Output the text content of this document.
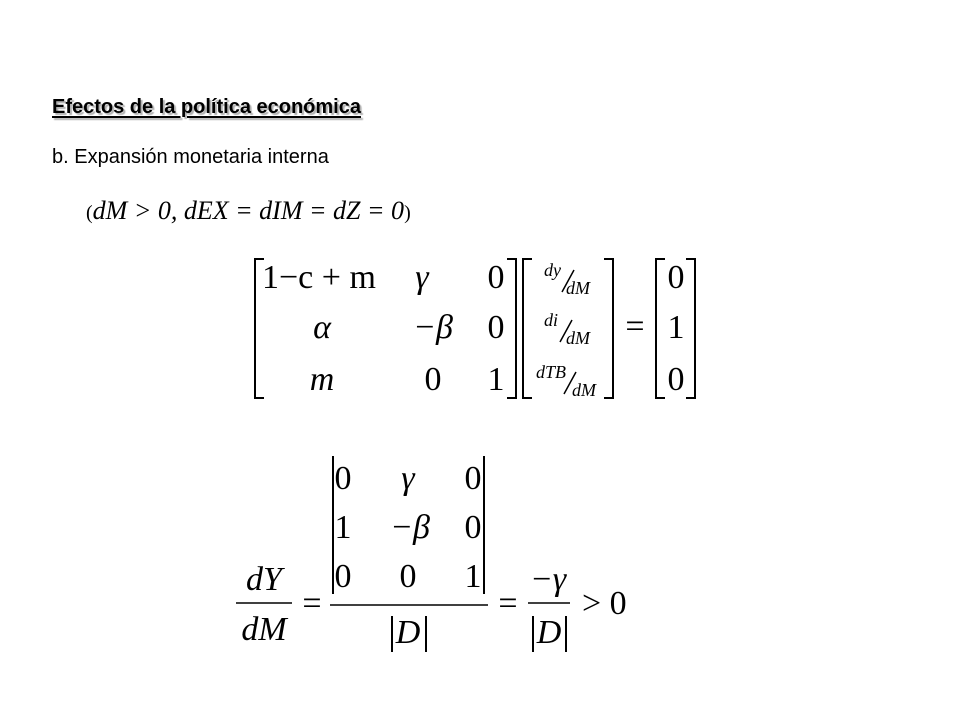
Efectos de la política económica
b. Expansión monetaria interna
(dM > 0, dEX = dIM = dZ = 0)
1−c + m γ 0
α −β 0
m	0 1
dy
dM
di
dM
dTB
dM
=
0
1
0
dY
dM
=
0 γ 0
1 −β 0
0 0 1
D
=
−γ
D
> 0
